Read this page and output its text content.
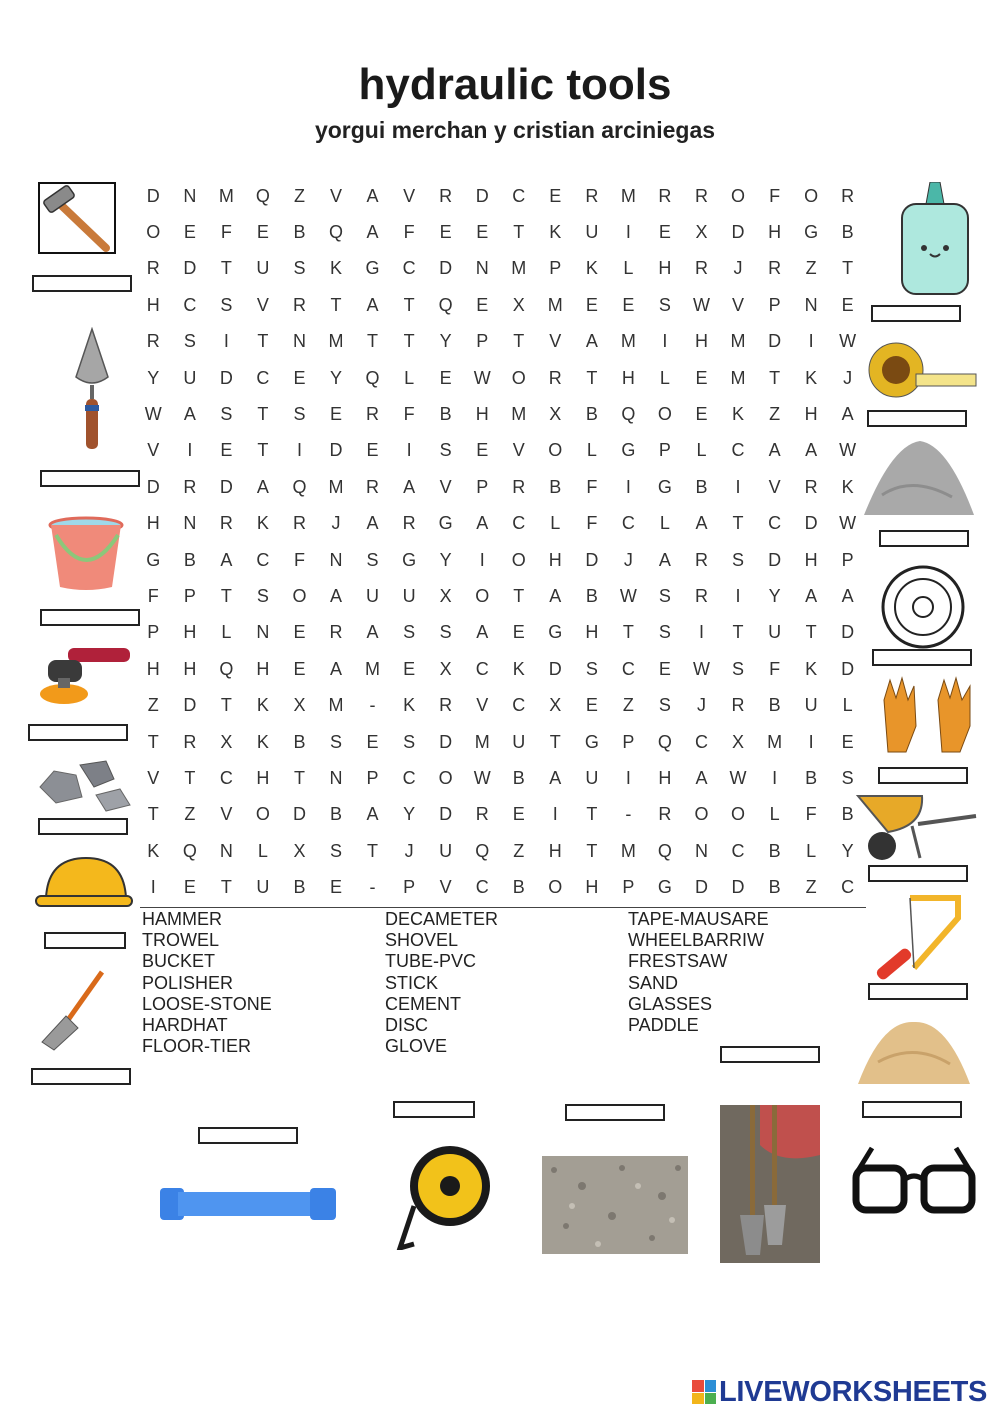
hydraulic tools
yorgui merchan y cristian arciniegas
D	N	M	Q	Z	V	A	V	R	D	C	E	R	M	R	R	O	F	O	R
O	E	F	E	B	Q	A	F	E	E	T	K	U	I	E	X	D	H	G	B
R	D	T	U	S	K	G	C	D	N	M	P	K	L	H	R	J	R	Z	T
H	C	S	V	R	T	A	T	Q	E	X	M	E	E	S	W	V	P	N	E
R	S	I	T	N	M	T	T	Y	P	T	V	A	M	I	H	M	D	I	W
Y	U	D	C	E	Y	Q	L	E	W	O	R	T	H	L	E	M	T	K	J
W	A	S	T	S	E	R	F	B	H	M	X	B	Q	O	E	K	Z	H	A
V	I	E	T	I	D	E	I	S	E	V	O	L	G	P	L	C	A	A	W
D	R	D	A	Q	M	R	A	V	P	R	B	F	I	G	B	I	V	R	K
H	N	R	K	R	J	A	R	G	A	C	L	F	C	L	A	T	C	D	W
G	B	A	C	F	N	S	G	Y	I	O	H	D	J	A	R	S	D	H	P
F	P	T	S	O	A	U	U	X	O	T	A	B	W	S	R	I	Y	A	A
P	H	L	N	E	R	A	S	S	A	E	G	H	T	S	I	T	U	T	D
H	H	Q	H	E	A	M	E	X	C	K	D	S	C	E	W	S	F	K	D
Z	D	T	K	X	M	-	K	R	V	C	X	E	Z	S	J	R	B	U	L
T	R	X	K	B	S	E	S	D	M	U	T	G	P	Q	C	X	M	I	E
V	T	C	H	T	N	P	C	O	W	B	A	U	I	H	A	W	I	B	S
T	Z	V	O	D	B	A	Y	D	R	E	I	T	-	R	O	O	L	F	B
K	Q	N	L	X	S	T	J	U	Q	Z	H	T	M	Q	N	C	B	L	Y
I	E	T	U	B	E	-	P	V	C	B	O	H	P	G	D	D	B	Z	C
HAMMER
TROWEL
BUCKET
POLISHER
LOOSE-STONE
HARDHAT
FLOOR-TIER
DECAMETER
SHOVEL
TUBE-PVC
STICK
CEMENT
DISC
GLOVE
TAPE-MAUSARE
WHEELBARRIW
FRESTSAW
SAND
GLASSES
PADDLE
LIVEWORKSHEETS
